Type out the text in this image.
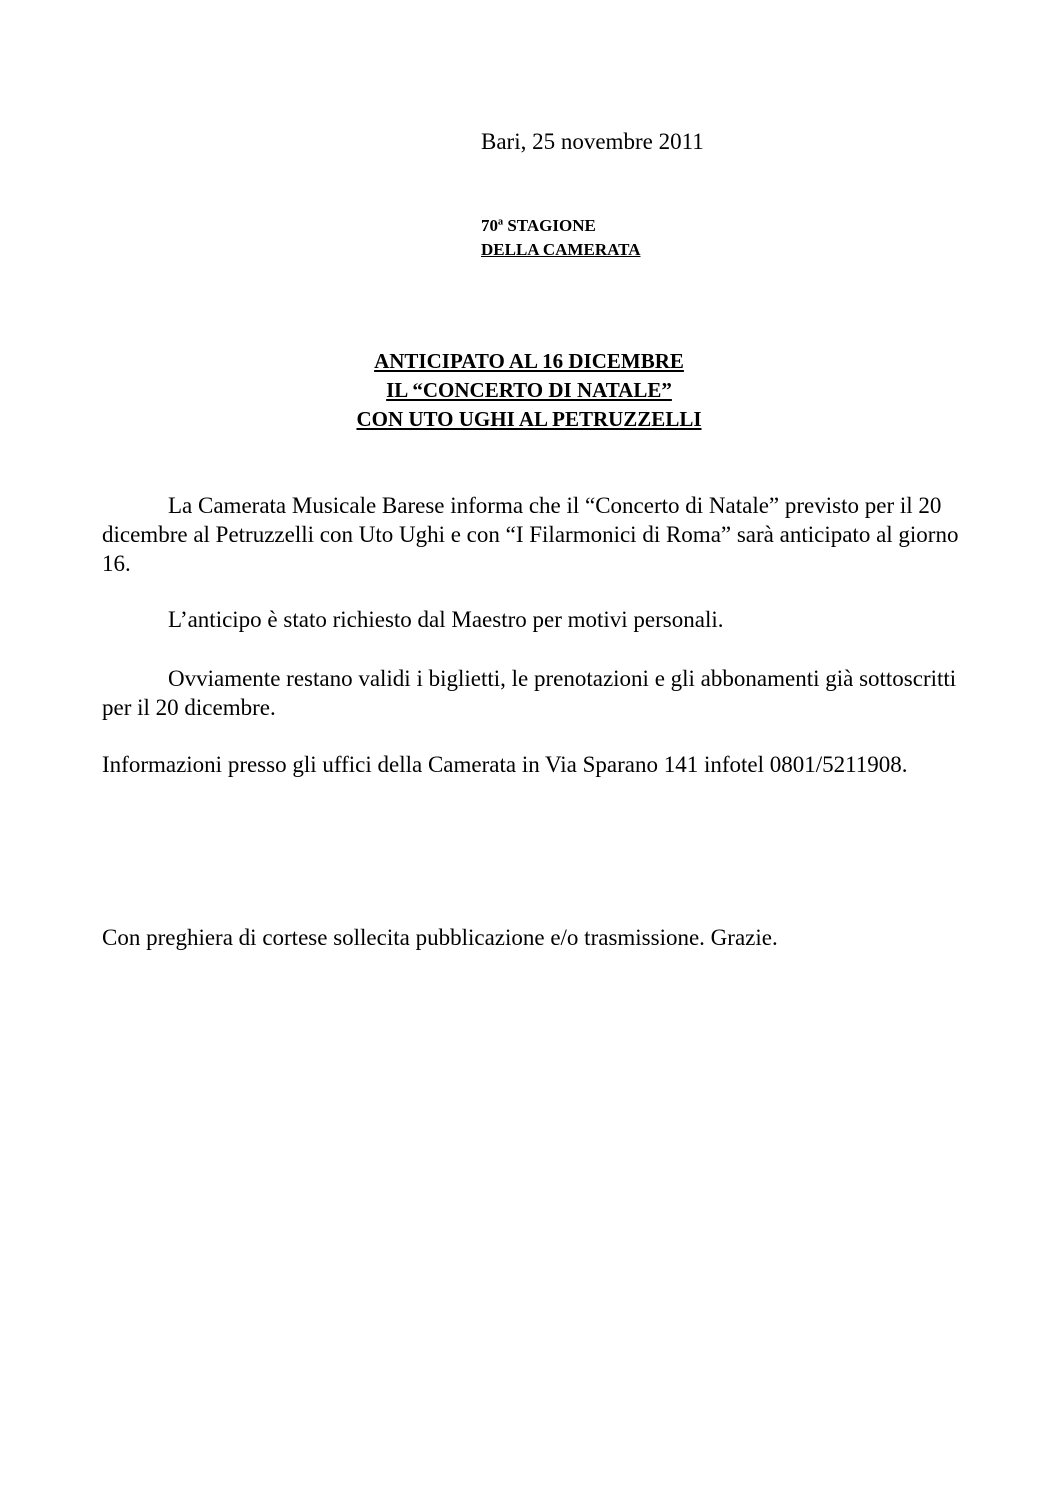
Bari, 25 novembre 2011
70ª STAGIONE
DELLA CAMERATA
ANTICIPATO AL 16 DICEMBRE
IL “CONCERTO DI NATALE”
CON UTO UGHI AL PETRUZZELLI
La Camerata Musicale Barese informa che il “Concerto di Natale” previsto per il 20 dicembre al Petruzzelli con Uto Ughi e con “I Filarmonici di Roma” sarà anticipato al giorno 16.
L’anticipo è stato richiesto dal Maestro per motivi personali.
Ovviamente restano validi i biglietti, le prenotazioni e gli abbonamenti già sottoscritti per il 20 dicembre.
Informazioni presso gli uffici della Camerata in Via Sparano 141 infotel 0801/5211908.
Con preghiera di cortese sollecita pubblicazione e/o trasmissione. Grazie.
